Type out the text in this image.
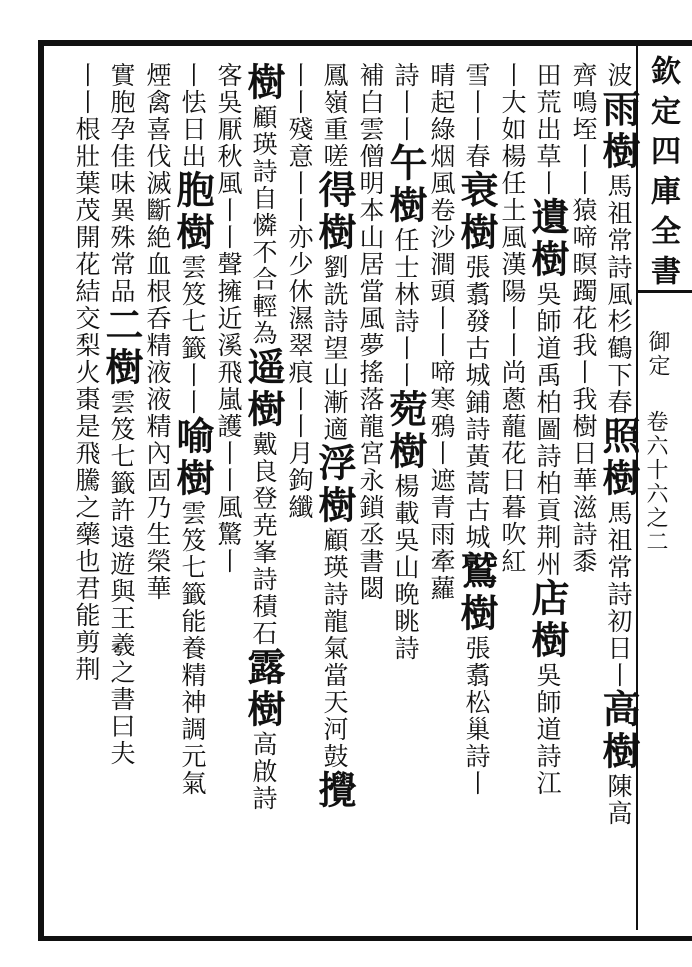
欽定四庫全書
御定
卷六十六之二
波雨樹馬祖常詩風杉鶴下春照樹馬祖常詩初日丨高樹陳高
齊鳴垤丨丨猿啼暝躅花我丨我樹日華滋詩黍
田荒出草丨遺樹吳師道禹柏圖詩柏貢荆州店樹吳師道詩江
丨大如楊任土風漢陽丨丨尚蔥蘢花日暮吹紅
雪丨丨春衰樹張翥發古城鋪詩黃蒿古城鷲樹張翥松巢詩丨
晴起綠烟風卷沙澗頭丨丨啼寒鴉丨遮青雨牽蘿
詩丨丨午樹任士林詩丨丨菀樹楊載吳山晩眺詩
補白雲僧明本山居當風夢搖落龍宮永鎖丞書閟
鳳嶺重嗟得樹劉詵詩望山漸適浮樹顧瑛詩龍氣當天河鼓攪
丨丨殘意丨丨亦少休濕翠痕丨丨月鉤纖
樹顧瑛詩自憐不合輕為遥樹戴良登尭峯詩積石露樹高啟詩
客吳厭秋風丨丨聲擁近溪飛嵐護丨丨風驚丨
丨怯日出胞樹雲笈七籤丨丨喻樹雲笈七籤能養精神調元氣
煙禽喜伐滅斷絶血根呑精液液精內固乃生榮華
實胞孕佳味異殊常品二樹雲笈七籤許遠遊與王羲之書曰夫
丨丨根壯葉茂開花結交梨火棗是飛騰之藥也君能剪荆
